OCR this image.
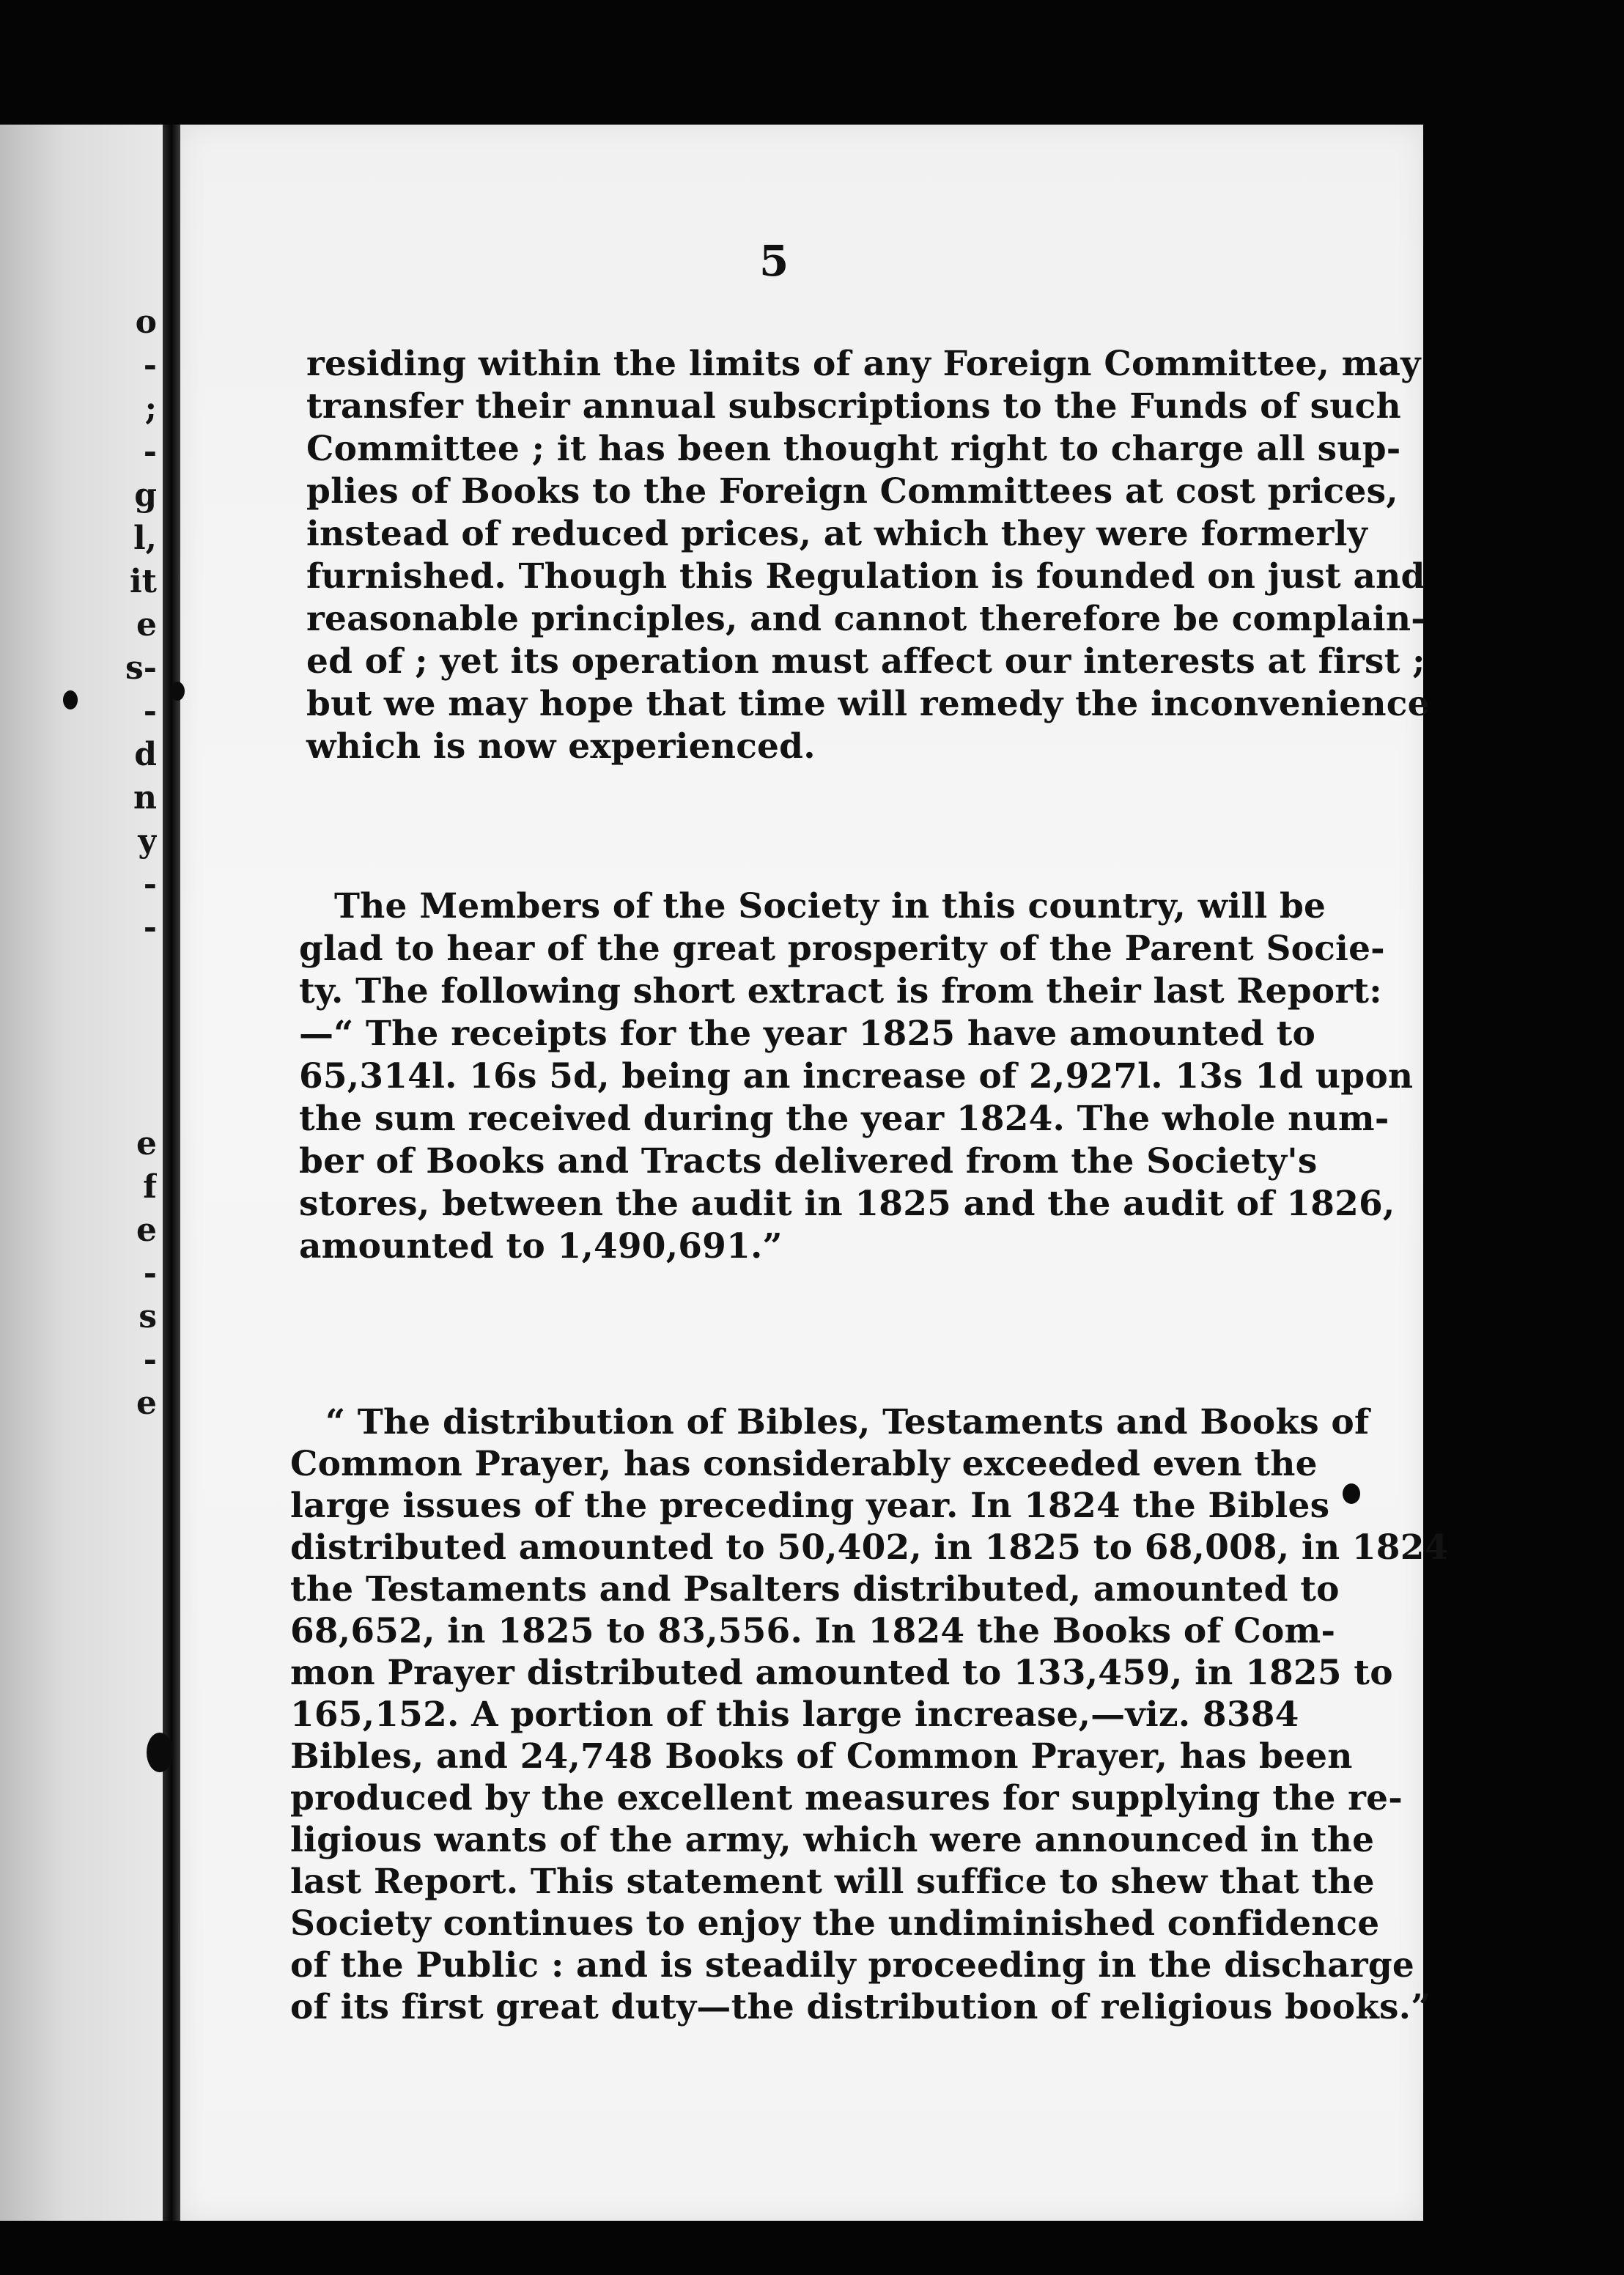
o
-
;
-
g
l,
it
e
s-
-
d
n
y
-
-
e
f
e
-
s
-
e
5
residing within the limits of any Foreign Committee, may
transfer their annual subscriptions to the Funds of such
Committee ; it has been thought right to charge all sup-
plies of Books to the Foreign Committees at cost prices,
instead of reduced prices, at which they were formerly
furnished. Though this Regulation is founded on just and
reasonable principles, and cannot therefore be complain-
ed of ; yet its operation must affect our interests at first ;
but we may hope that time will remedy the inconvenience
which is now experienced.
The Members of the Society in this country, will be
glad to hear of the great prosperity of the Parent Socie-
ty. The following short extract is from their last Report:
—“ The receipts for the year 1825 have amounted to
65,314l. 16s 5d, being an increase of 2,927l. 13s 1d upon
the sum received during the year 1824. The whole num-
ber of Books and Tracts delivered from the Society's
stores, between the audit in 1825 and the audit of 1826,
amounted to 1,490,691.”
“ The distribution of Bibles, Testaments and Books of
Common Prayer, has considerably exceeded even the
large issues of the preceding year. In 1824 the Bibles
distributed amounted to 50,402, in 1825 to 68,008, in 1824
the Testaments and Psalters distributed, amounted to
68,652, in 1825 to 83,556. In 1824 the Books of Com-
mon Prayer distributed amounted to 133,459, in 1825 to
165,152. A portion of this large increase,—viz. 8384
Bibles, and 24,748 Books of Common Prayer, has been
produced by the excellent measures for supplying the re-
ligious wants of the army, which were announced in the
last Report. This statement will suffice to shew that the
Society continues to enjoy the undiminished confidence
of the Public : and is steadily proceeding in the discharge
of its first great duty—the distribution of religious books.”
